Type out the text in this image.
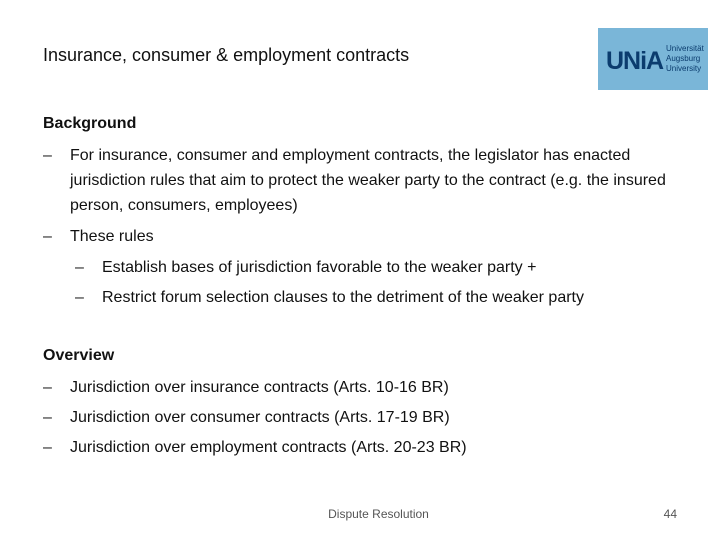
Insurance, consumer & employment contracts	UNiA Universität
Augsburg
University
Background
–	For insurance, consumer and employment contracts, the legislator has enacted jurisdiction rules that aim to protect the weaker party to the contract (e.g. the insured person, consumers, employees)
–	These rules
–	Establish bases of jurisdiction favorable to the weaker party +
–	Restrict forum selection clauses to the detriment of the weaker party
Overview
–	Jurisdiction over insurance contracts (Arts. 10-16 BR)
–	Jurisdiction over consumer contracts (Arts. 17-19 BR)
–	Jurisdiction over employment contracts (Arts. 20-23 BR)
Dispute Resolution	44
